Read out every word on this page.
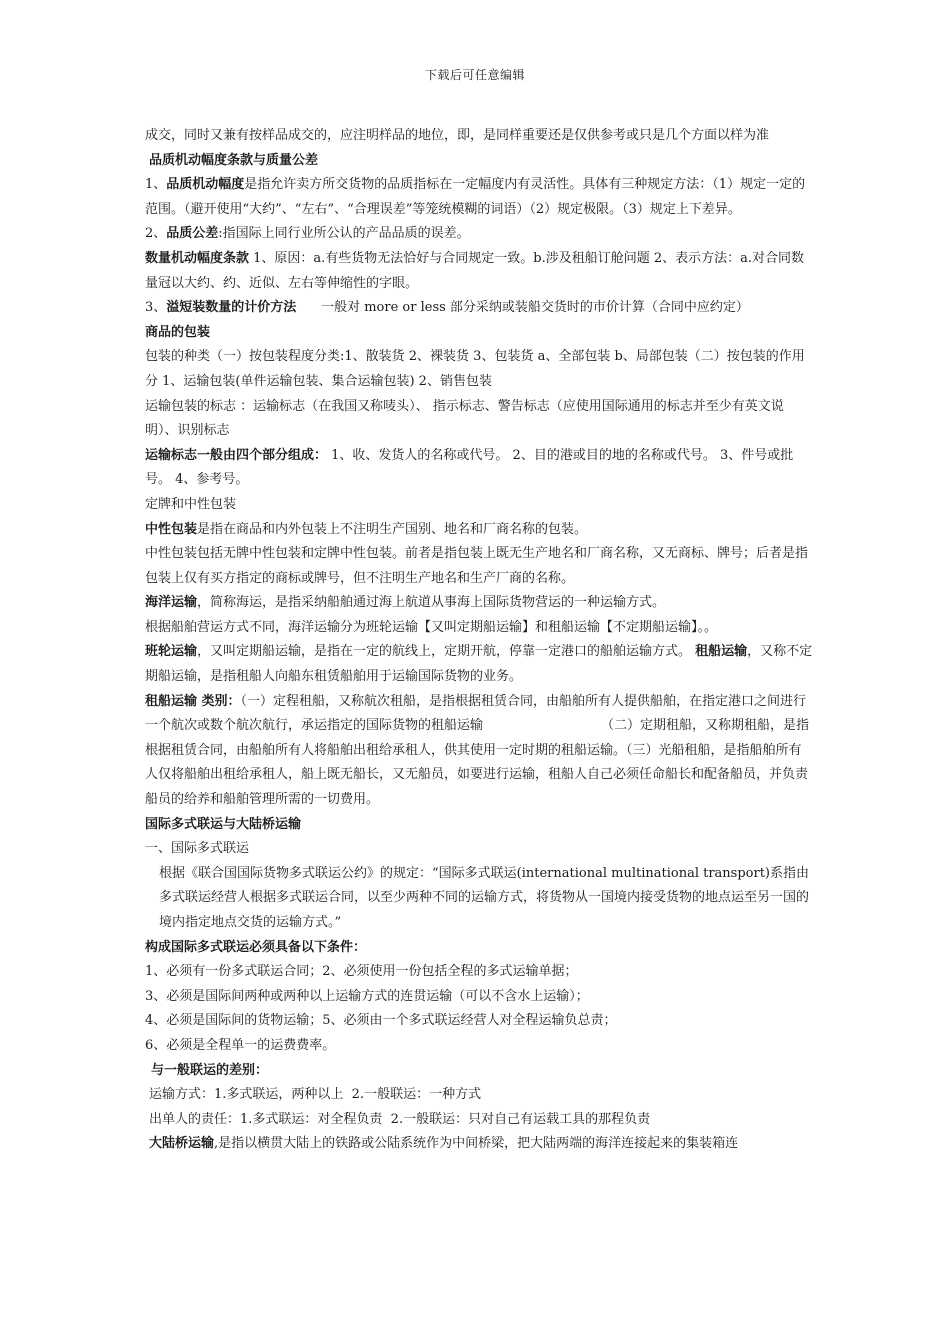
下载后可任意编辑

成交，同时又兼有按样品成交的，应注明样品的地位，即，是同样重要还是仅供参考或只是几个方面以样为准

品质机动幅度条款与质量公差

1、品质机动幅度是指允许卖方所交货物的品质指标在一定幅度内有灵活性。具体有三种规定方法：（1）规定一定的范围。（避开使用“大约”、“左右”、“合理误差”等笼统模糊的词语）（2）规定极限。（3）规定上下差异。

2、品质公差:指国际上同行业所公认的产品品质的误差。

数量机动幅度条款 1、原因：a.有些货物无法恰好与合同规定一致。b.涉及租船订舱问题 2、表示方法：a.对合同数量冠以大约、约、近似、左右等伸缩性的字眼。

3、溢短装数量的计价方法      一般对 more or less 部分采纳或装船交货时的市价计算（合同中应约定）

商品的包装

包装的种类（一）按包装程度分类:1、散装货 2、裸装货 3、包装货 a、全部包装 b、局部包装（二）按包装的作用分 1、运输包装(单件运输包装、集合运输包装) 2、销售包装

运输包装的标志 ：运输标志（在我国又称唛头）、 指示标志、警告标志（应使用国际通用的标志并至少有英文说明）、识别标志

运输标志一般由四个部分组成： 1、收、发货人的名称或代号。 2、目的港或目的地的名称或代号。 3、件号或批号。 4、参考号。

定牌和中性包装

中性包装是指在商品和内外包装上不注明生产国别、地名和厂商名称的包装。

中性包装包括无牌中性包装和定牌中性包装。前者是指包装上既无生产地名和厂商名称，又无商标、牌号；后者是指包装上仅有买方指定的商标或牌号，但不注明生产地名和生产厂商的名称。

海洋运输，简称海运，是指采纳船舶通过海上航道从事海上国际货物营运的一种运输方式。

根据船舶营运方式不同，海洋运输分为班轮运输【又叫定期船运输】和租船运输【不定期船运输】。。

班轮运输，又叫定期船运输，是指在一定的航线上，定期开航，停靠一定港口的船舶运输方式。 租船运输，又称不定期船运输，是指租船人向船东租赁船舶用于运输国际货物的业务。

租船运输 类别：（一）定程租船，又称航次租船，是指根据租赁合同，由船舶所有人提供船舶，在指定港口之间进行一个航次或数个航次航行，承运指定的国际货物的租船运输	（二）定期租船，又称期租船，是指根据租赁合同，由船舶所有人将船舶出租给承租人，供其使用一定时期的租船运输。（三）光船租船，是指船舶所有人仅将船舶出租给承租人，船上既无船长，又无船员，如要进行运输，租船人自己必须任命船长和配备船员，并负责船员的给养和船舶管理所需的一切费用。

国际多式联运与大陆桥运输

一、国际多式联运

根据《联合国国际货物多式联运公约》的规定：“国际多式联运(international multinational transport)系指由多式联运经营人根据多式联运合同，以至少两种不同的运输方式，将货物从一国境内接受货物的地点运至另一国的境内指定地点交货的运输方式。”

构成国际多式联运必须具备以下条件：

1、必须有一份多式联运合同；2、必须使用一份包括全程的多式运输单据；

3、必须是国际间两种或两种以上运输方式的连贯运输（可以不含水上运输）；

4、必须是国际间的货物运输；5、必须由一个多式联运经营人对全程运输负总责；

6、必须是全程单一的运费费率。

与一般联运的差别：

运输方式：1.多式联运，两种以上  2.一般联运：一种方式

出单人的责任：1.多式联运：对全程负责  2.一般联运：只对自己有运载工具的那程负责

大陆桥运输,是指以横贯大陆上的铁路或公陆系统作为中间桥梁，把大陆两端的海洋连接起来的集装箱连
